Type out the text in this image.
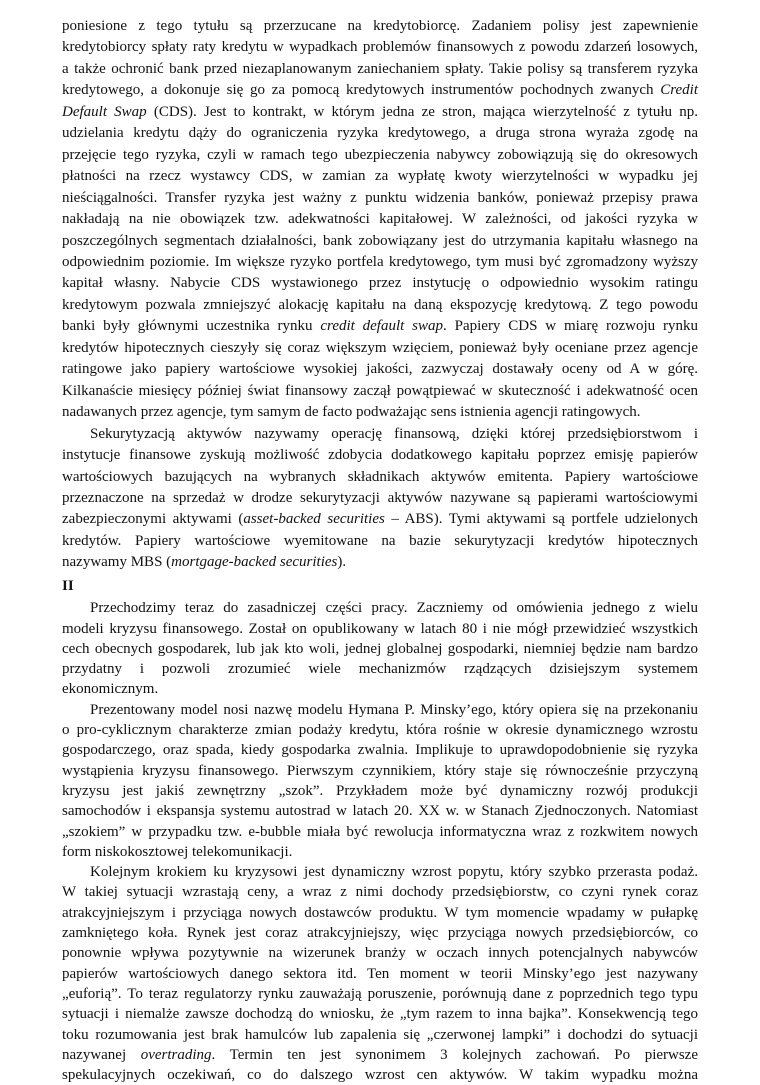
poniesione z tego tytułu są przerzucane na kredytobiorcę. Zadaniem polisy jest zapewnienie
kredytobiorcy spłaty raty kredytu w wypadkach problemów finansowych z powodu zdarzeń losowych,
a także ochronić bank przed niezaplanowanym zaniechaniem spłaty. Takie polisy są transferem ryzyka
kredytowego, a dokonuje się go za pomocą kredytowych instrumentów pochodnych zwanych Credit
Default Swap (CDS). Jest to kontrakt, w którym jedna ze stron, mająca wierzytelność z tytułu np.
udzielania kredytu dąży do ograniczenia ryzyka kredytowego, a druga strona wyraża zgodę na
przejęcie tego ryzyka, czyli w ramach tego ubezpieczenia nabywcy zobowiązują się do okresowych
płatności na rzecz wystawcy CDS, w zamian za wypłatę kwoty wierzytelności w wypadku jej
nieściągalności. Transfer ryzyka jest ważny z punktu widzenia banków, ponieważ przepisy prawa
nakładają na nie obowiązek tzw. adekwatności kapitałowej. W zależności, od jakości ryzyka w
poszczególnych segmentach działalności, bank zobowiązany jest do utrzymania kapitału własnego na
odpowiednim poziomie. Im większe ryzyko portfela kredytowego, tym musi być zgromadzony wyższy
kapitał własny. Nabycie CDS wystawionego przez instytucję o odpowiednio wysokim ratingu
kredytowym pozwala zmniejszyć alokację kapitału na daną ekspozycję kredytową. Z tego powodu
banki były głównymi uczestnika rynku credit default swap. Papiery CDS w miarę rozwoju rynku
kredytów hipotecznych cieszyły się coraz większym wzięciem, ponieważ były oceniane przez agencje
ratingowe jako papiery wartościowe wysokiej jakości, zazwyczaj dostawały oceny od A w górę.
Kilkanaście miesięcy później świat finansowy zaczął powątpiewać w skuteczność i adekwatność ocen
nadawanych przez agencje, tym samym de facto podważając sens istnienia agencji ratingowych.
Sekurytyzacją aktywów nazywamy operację finansową, dzięki której przedsiębiorstwom i
instytucje finansowe zyskują możliwość zdobycia dodatkowego kapitału poprzez emisję papierów
wartościowych bazujących na wybranych składnikach aktywów emitenta. Papiery wartościowe
przeznaczone na sprzedaż w drodze sekurytyzacji aktywów nazywane są papierami wartościowymi
zabezpieczonymi aktywami (asset-backed securities – ABS). Tymi aktywami są portfele udzielonych
kredytów. Papiery wartościowe wyemitowane na bazie sekurytyzacji kredytów hipotecznych
nazywamy MBS (mortgage-backed securities).
II
Przechodzimy teraz do zasadniczej części pracy. Zaczniemy od omówienia jednego z wielu
modeli kryzysu finansowego. Został on opublikowany w latach 80 i nie mógł przewidzieć wszystkich
cech obecnych gospodarek, lub jak kto woli, jednej globalnej gospodarki, niemniej będzie nam bardzo
przydatny i pozwoli zrozumieć wiele mechanizmów rządzących dzisiejszym systemem
ekonomicznym.
Prezentowany model nosi nazwę modelu Hymana P. Minsky’ego, który opiera się na przekonaniu
o pro-cyklicznym charakterze zmian podaży kredytu, która rośnie w okresie dynamicznego wzrostu
gospodarczego, oraz spada, kiedy gospodarka zwalnia. Implikuje to uprawdopodobnienie się ryzyka
wystąpienia kryzysu finansowego. Pierwszym czynnikiem, który staje się równocześnie przyczyną
kryzysu jest jakiś zewnętrzny „szok”. Przykładem może być dynamiczny rozwój produkcji
samochodów i ekspansja systemu autostrad w latach 20. XX w. w Stanach Zjednoczonych. Natomiast
„szokiem” w przypadku tzw. e-bubble miała być rewolucja informatyczna wraz z rozkwitem nowych
form niskokosztowej telekomunikacji.
Kolejnym krokiem ku kryzysowi jest dynamiczny wzrost popytu, który szybko przerasta podaż.
W takiej sytuacji wzrastają ceny, a wraz z nimi dochody przedsiębiorstw, co czyni rynek coraz
atrakcyjniejszym i przyciąga nowych dostawców produktu. W tym momencie wpadamy w pułapkę
zamkniętego koła. Rynek jest coraz atrakcyjniejszy, więc przyciąga nowych przedsiębiorców, co
ponownie wpływa pozytywnie na wizerunek branży w oczach innych potencjalnych nabywców
papierów wartościowych danego sektora itd. Ten moment w teorii Minsky’ego jest nazywany
„euforią”. To teraz regulatorzy rynku zauważają poruszenie, porównują dane z poprzednich tego typu
sytuacji i niemalże zawsze dochodzą do wniosku, że „tym razem to inna bajka”. Konsekwencją tego
toku rozumowania jest brak hamulców lub zapalenia się „czerwonej lampki” i dochodzi do sytuacji
nazywanej overtrading. Termin ten jest synonimem 3 kolejnych zachowań. Po pierwsze
spekulacyjnych oczekiwań, co do dalszego wzrost cen aktywów. W takim wypadku można
